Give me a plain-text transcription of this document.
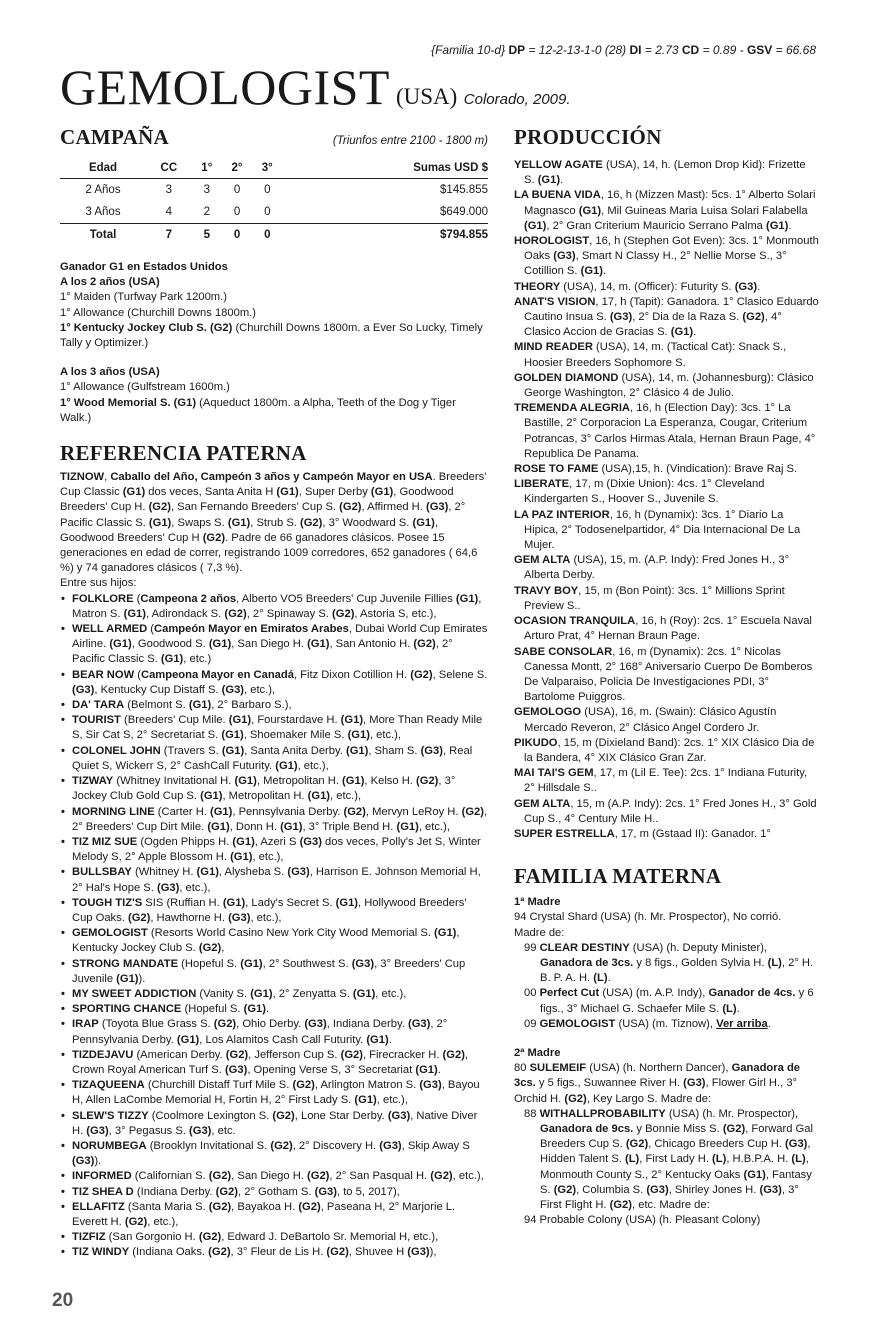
{Familia 10-d} DP = 12-2-13-1-0 (28) DI = 2.73 CD = 0.89 - GSV = 66.68
GEMOLOGIST (USA) Colorado, 2009.
CAMPAÑA	(Triunfos entre 2100 - 1800 m)
Edad	CC	1°	2°	3°	Sumas USD $
2 Años	3	3	0	0	$145.855
3 Años	4	2	0	0	$649.000
Total	7	5	0	0	$794.855

Ganador G1 en Estados Unidos

A los 2 años (USA)

1° Maiden (Turfway Park 1200m.)

1° Allowance (Churchill Downs 1800m.)

1° Kentucky Jockey Club S. (G2) (Churchill Downs 1800m. a Ever So Lucky, Timely Tally y Optimizer.)

A los 3 años (USA)

1° Allowance (Gulfstream 1600m.)

1° Wood Memorial S. (G1) (Aqueduct 1800m. a Alpha, Teeth of the Dog y Tiger Walk.)

REFERENCIA PATERNA

TIZNOW, Caballo del Año, Campeón 3 años y Campeón Mayor en USA. Breeders' Cup Classic (G1) dos veces, Santa Anita H (G1), Super Derby (G1), Goodwood Breeders' Cup H. (G2), San Fernando Breeders' Cup S. (G2), Affirmed H. (G3), 2° Pacific Classic S. (G1), Swaps S. (G1), Strub S. (G2), 3° Woodward S. (G1), Goodwood Breeders' Cup H (G2). Padre de 66 ganadores clásicos. Posee 15 generaciones en edad de correr, registrando 1009 corredores, 652 ganadores ( 64,6 %) y 74 ganadores clásicos ( 7,3 %).

Entre sus hijos:

• FOLKLORE (Campeona 2 años, Alberto VO5 Breeders' Cup Juvenile Fillies (G1), Matron S. (G1), Adirondack S. (G2), 2° Spinaway S. (G2), Astoria S, etc.),
• WELL ARMED (Campeón Mayor en Emiratos Arabes, Dubai World Cup Emirates Airline. (G1), Goodwood S. (G1), San Diego H. (G1), San Antonio H. (G2), 2° Pacific Classic S. (G1), etc.)
• BEAR NOW (Campeona Mayor en Canadá, Fitz Dixon Cotillion H. (G2), Selene S. (G3), Kentucky Cup Distaff S. (G3), etc.),
• DA' TARA (Belmont S. (G1), 2° Barbaro S.),
• TOURIST (Breeders' Cup Mile. (G1), Fourstardave H. (G1), More Than Ready Mile S, Sir Cat S, 2° Secretariat S. (G1), Shoemaker Mile S. (G1), etc.),
• COLONEL JOHN (Travers S. (G1), Santa Anita Derby. (G1), Sham S. (G3), Real Quiet S, Wickerr S, 2° CashCall Futurity. (G1), etc.),
• TIZWAY (Whitney Invitational H. (G1), Metropolitan H. (G1), Kelso H. (G2), 3° Jockey Club Gold Cup S. (G1), Metropolitan H. (G1), etc.),
• MORNING LINE (Carter H. (G1), Pennsylvania Derby. (G2), Mervyn LeRoy H. (G2), 2° Breeders' Cup Dirt Mile. (G1), Donn H. (G1), 3° Triple Bend H. (G1), etc.),
• TIZ MIZ SUE (Ogden Phipps H. (G1), Azeri S (G3) dos veces, Polly's Jet S, Winter Melody S, 2° Apple Blossom H. (G1), etc.),
• BULLSBAY (Whitney H. (G1), Alysheba S. (G3), Harrison E. Johnson Memorial H, 2° Hal's Hope S. (G3), etc.),
• TOUGH TIZ'S SIS (Ruffian H. (G1), Lady's Secret S. (G1), Hollywood Breeders' Cup Oaks. (G2), Hawthorne H. (G3), etc.),
• GEMOLOGIST (Resorts World Casino New York City Wood Memorial S. (G1), Kentucky Jockey Club S. (G2),
• STRONG MANDATE (Hopeful S. (G1), 2° Southwest S. (G3), 3° Breeders' Cup Juvenile (G1)).
• MY SWEET ADDICTION (Vanity S. (G1), 2° Zenyatta S. (G1), etc.),
• SPORTING CHANCE (Hopeful S. (G1).
• IRAP (Toyota Blue Grass S. (G2), Ohio Derby. (G3), Indiana Derby. (G3), 2° Pennsylvania Derby. (G1), Los Alamitos Cash Call Futurity. (G1).
• TIZDEJAVU (American Derby. (G2), Jefferson Cup S. (G2), Firecracker H. (G2), Crown Royal American Turf S. (G3), Opening Verse S, 3° Secretariat (G1).
• TIZAQUEENA (Churchill Distaff Turf Mile S. (G2), Arlington Matron S. (G3), Bayou H, Allen LaCombe Memorial H, Fortin H, 2° First Lady S. (G1), etc.),
• SLEW'S TIZZY (Coolmore Lexington S. (G2), Lone Star Derby. (G3), Native Diver H. (G3), 3° Pegasus S. (G3), etc.
• NORUMBEGA (Brooklyn Invitational S. (G2), 2° Discovery H. (G3), Skip Away S (G3)).
• INFORMED (Californian S. (G2), San Diego H. (G2), 2° San Pasqual H. (G2), etc.),
• TIZ SHEA D (Indiana Derby. (G2), 2° Gotham S. (G3), to 5, 2017),
• ELLAFITZ (Santa Maria S. (G2), Bayakoa H. (G2), Paseana H, 2° Marjorie L. Everett H. (G2), etc.),
• TIZFIZ (San Gorgonio H. (G2), Edward J. DeBartolo Sr. Memorial H, etc.),
• TIZ WINDY (Indiana Oaks. (G2), 3° Fleur de Lis H. (G2), Shuvee H (G3)),
PRODUCCIÓN

YELLOW AGATE (USA), 14, h. (Lemon Drop Kid): Frizette S. (G1).

LA BUENA VIDA, 16, h (Mizzen Mast): 5cs. 1° Alberto Solari Magnasco (G1), Mil Guineas Maria Luisa Solari Falabella (G1), 2° Gran Criterium Mauricio Serrano Palma (G1).

HOROLOGIST, 16, h (Stephen Got Even): 3cs. 1° Monmouth Oaks (G3), Smart N Classy H., 2° Nellie Morse S., 3° Cotillion S. (G1).

THEORY (USA), 14, m. (Officer): Futurity S. (G3).

ANAT'S VISION, 17, h (Tapit): Ganadora. 1° Clasico Eduardo Cautino Insua S. (G3), 2° Dia de la Raza S. (G2), 4° Clasico Accion de Gracias S. (G1).

MIND READER (USA), 14, m. (Tactical Cat): Snack S., Hoosier Breeders Sophomore S.

GOLDEN DIAMOND (USA), 14, m. (Johannesburg): Clásico George Washington, 2° Clásico 4 de Julio.

TREMENDA ALEGRIA, 16, h (Election Day): 3cs. 1° La Bastille, 2° Corporacion La Esperanza, Cougar, Criterium Potrancas, 3° Carlos Hirmas Atala, Hernan Braun Page, 4° Republica De Panama.

ROSE TO FAME (USA),15, h. (Vindication): Brave Raj S.

LIBERATE, 17, m (Dixie Union): 4cs. 1° Cleveland Kindergarten S., Hoover S., Juvenile S.

LA PAZ INTERIOR, 16, h (Dynamix): 3cs. 1° Diario La Hipica, 2° Todosenelpartidor, 4° Dia Internacional De La Mujer.

GEM ALTA (USA), 15, m. (A.P. Indy): Fred Jones H., 3° Alberta Derby.

TRAVY BOY, 15, m (Bon Point): 3cs. 1° Millions Sprint Preview S..

OCASION TRANQUILA, 16, h (Roy): 2cs. 1° Escuela Naval Arturo Prat, 4° Hernan Braun Page.

SABE CONSOLAR, 16, m (Dynamix): 2cs. 1° Nicolas Canessa Montt, 2° 168° Aniversario Cuerpo De Bomberos De Valparaiso, Policia De Investigaciones PDI, 3° Bartolome Puiggros.

GEMOLOGO (USA), 16, m. (Swain): Clásico Agustín Mercado Reveron, 2° Clásico Angel Cordero Jr.

PIKUDO, 15, m (Dixieland Band): 2cs. 1° XIX Clásico Dia de la Bandera, 4° XIX Clásico Gran Zar.

MAI TAI'S GEM, 17, m (Lil E. Tee): 2cs. 1° Indiana Futurity, 2° Hillsdale S..

GEM ALTA, 15, m (A.P. Indy): 2cs. 1° Fred Jones H., 3° Gold Cup S., 4° Century Mile H..

SUPER ESTRELLA, 17, m (Gstaad II): Ganador. 1°

FAMILIA MATERNA

1ª Madre

94 Crystal Shard (USA) (h. Mr. Prospector), No corrió.

Madre de:

99 CLEAR DESTINY (USA) (h. Deputy Minister), Ganadora de 3cs. y 8 figs., Golden Sylvia H. (L), 2° H. B. P. A. H. (L).

00 Perfect Cut (USA) (m. A.P. Indy), Ganador de 4cs. y 6 figs., 3° Michael G. Schaefer Mile S. (L).

09 GEMOLOGIST (USA) (m. Tiznow), Ver arriba.

2ª Madre

80 SULEMEIF (USA) (h. Northern Dancer), Ganadora de 3cs. y 5 figs., Suwannee River H. (G3), Flower Girl H., 3° Orchid H. (G2), Key Largo S. Madre de:

88 WITHALLPROBABILITY (USA) (h. Mr. Prospector), Ganadora de 9cs. y Bonnie Miss S. (G2), Forward Gal Breeders Cup S. (G2), Chicago Breeders Cup H. (G3), Hidden Talent S. (L), First Lady H. (L), H.B.P.A. H. (L), Monmouth County S., 2° Kentucky Oaks (G1), Fantasy S. (G2), Columbia S. (G3), Shirley Jones H. (G3), 3° First Flight H. (G2), etc. Madre de:

94 Probable Colony (USA) (h. Pleasant Colony)

20
